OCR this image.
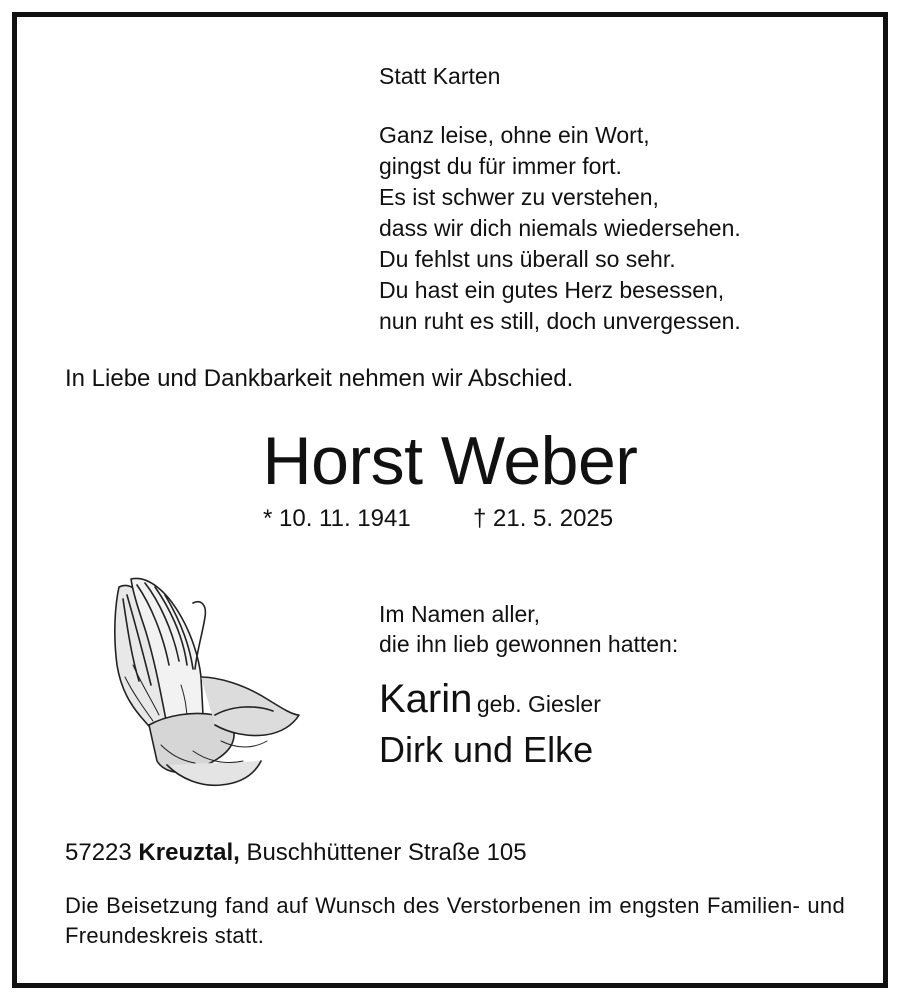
Statt Karten
Ganz leise, ohne ein Wort,
gingst du für immer fort.
Es ist schwer zu verstehen,
dass wir dich niemals wiedersehen.
Du fehlst uns überall so sehr.
Du hast ein gutes Herz besessen,
nun ruht es still, doch unvergessen.
In Liebe und Dankbarkeit nehmen wir Abschied.
Horst Weber
* 10. 11. 1941	† 21. 5. 2025
Im Namen aller,
die ihn lieb gewonnen hatten:
Karin geb. Giesler
Dirk und Elke
57223 Kreuztal, Buschhüttener Straße 105
Die Beisetzung fand auf Wunsch des Verstorbenen im engsten Familien- und Freundeskreis statt.
